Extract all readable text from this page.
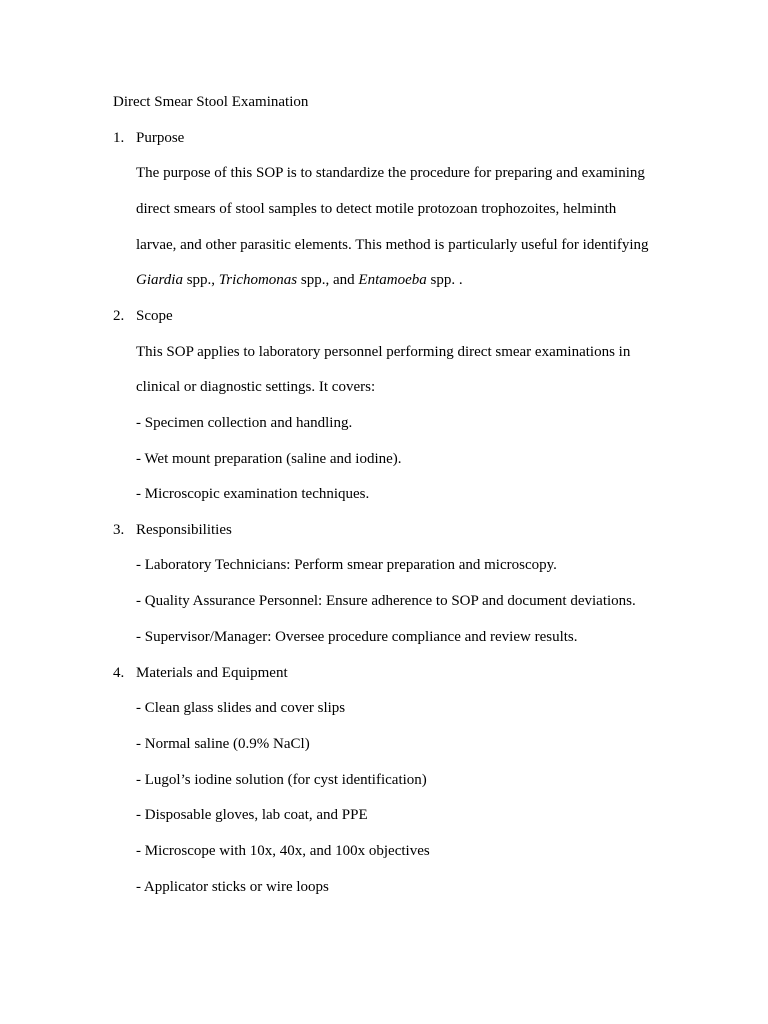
Direct Smear Stool Examination
1. Purpose
The purpose of this SOP is to standardize the procedure for preparing and examining
direct smears of stool samples to detect motile protozoan trophozoites, helminth
larvae, and other parasitic elements. This method is particularly useful for identifying
Giardia spp., Trichomonas spp., and Entamoeba spp. .
2. Scope
This SOP applies to laboratory personnel performing direct smear examinations in
clinical or diagnostic settings. It covers:
- Specimen collection and handling.
- Wet mount preparation (saline and iodine).
- Microscopic examination techniques.
3. Responsibilities
- Laboratory Technicians: Perform smear preparation and microscopy.
- Quality Assurance Personnel: Ensure adherence to SOP and document deviations.
- Supervisor/Manager: Oversee procedure compliance and review results.
4. Materials and Equipment
- Clean glass slides and cover slips
- Normal saline (0.9% NaCl)
- Lugol’s iodine solution (for cyst identification)
- Disposable gloves, lab coat, and PPE
- Microscope with 10x, 40x, and 100x objectives
- Applicator sticks or wire loops
